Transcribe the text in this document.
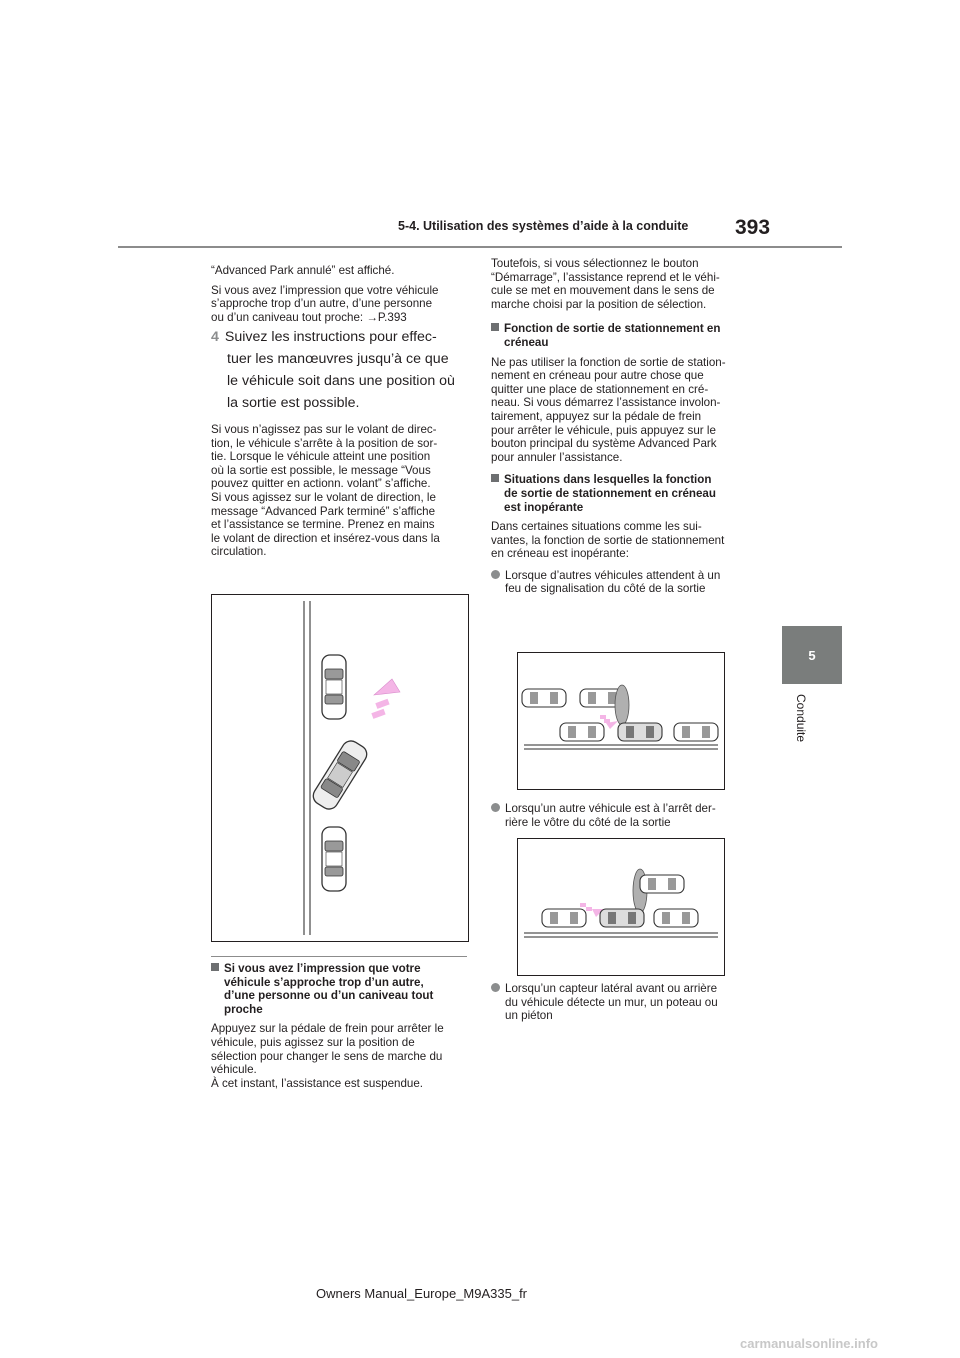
5-4. Utilisation des systèmes d’aide à la conduite 393
5
Conduite

“Advanced Park annulé” est affiché.

Si vous avez l’impression que votre véhicule
s’approche trop d’un autre, d’une personne
ou d’un caniveau tout proche: →P.393

4 Suivez les instructions pour effec-
tuer les manœuvres jusqu’à ce que
le véhicule soit dans une position où
la sortie est possible.

Si vous n’agissez pas sur le volant de direc-
tion, le véhicule s’arrête à la position de sor-
tie. Lorsque le véhicule atteint une position
où la sortie est possible, le message “Vous
pouvez quitter en actionn. volant” s’affiche.
Si vous agissez sur le volant de direction, le
message “Advanced Park terminé” s’affiche
et l’assistance se termine. Prenez en mains
le volant de direction et insérez-vous dans la
circulation.

Si vous avez l’impression que votre
véhicule s’approche trop d’un autre,
d’une personne ou d’un caniveau tout
proche

Appuyez sur la pédale de frein pour arrêter le
véhicule, puis agissez sur la position de
sélection pour changer le sens de marche du
véhicule.
À cet instant, l’assistance est suspendue.

Toutefois, si vous sélectionnez le bouton
“Démarrage”, l’assistance reprend et le véhi-
cule se met en mouvement dans le sens de
marche choisi par la position de sélection.

Fonction de sortie de stationnement en
créneau

Ne pas utiliser la fonction de sortie de station-
nement en créneau pour autre chose que
quitter une place de stationnement en cré-
neau. Si vous démarrez l’assistance involon-
tairement, appuyez sur la pédale de frein
pour arrêter le véhicule, puis appuyez sur le
bouton principal du système Advanced Park
pour annuler l’assistance.

Situations dans lesquelles la fonction
de sortie de stationnement en créneau
est inopérante

Dans certaines situations comme les sui-
vantes, la fonction de sortie de stationnement
en créneau est inopérante:

Lorsque d’autres véhicules attendent à un
feu de signalisation du côté de la sortie

Lorsqu’un autre véhicule est à l’arrêt der-
rière le vôtre du côté de la sortie

Lorsqu’un capteur latéral avant ou arrière
du véhicule détecte un mur, un poteau ou
un piéton

Owners Manual_Europe_M9A335_fr
carmanualsonline.info
